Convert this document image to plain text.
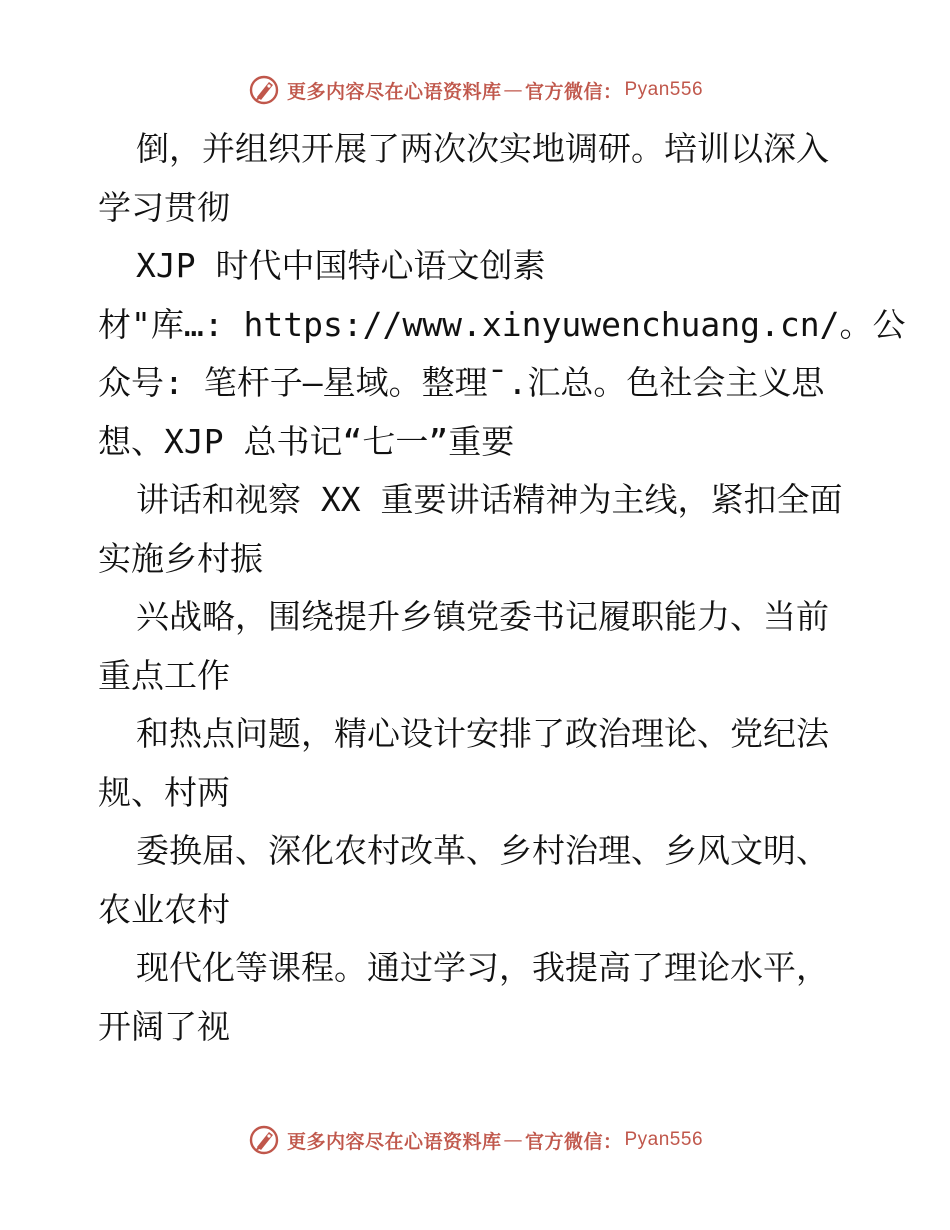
更多内容尽在心语资料库 — 官方微信： Pyan556
倒，并组织开展了两次次实地调研。培训以深入
学习贯彻
XJP 时代中国特心语文创素
材"库…: https://www.xinyuwenchuang.cn/。公
众号: 笔杆子—星域。整理¯.汇总。色社会主义思
想、XJP 总书记“七一”重要
讲话和视察 XX 重要讲话精神为主线，紧扣全面
实施乡村振
兴战略，围绕提升乡镇党委书记履职能力、当前
重点工作
和热点问题，精心设计安排了政治理论、党纪法
规、村两
委换届、深化农村改革、乡村治理、乡风文明、
农业农村
现代化等课程。通过学习，我提高了理论水平，
开阔了视
更多内容尽在心语资料库 — 官方微信： Pyan556
